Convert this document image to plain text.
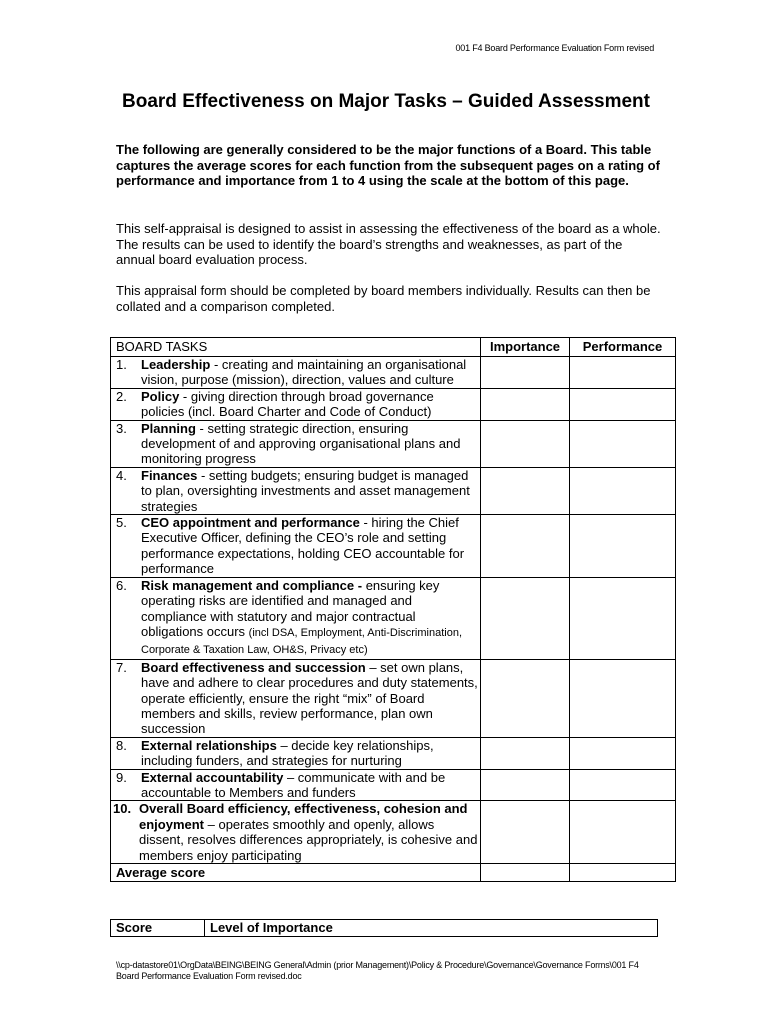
001 F4 Board Performance Evaluation Form revised
Board Effectiveness on Major Tasks – Guided Assessment
The following are generally considered to be the major functions of a Board. This table captures the average scores for each function from the subsequent pages on a rating of performance and importance from 1 to 4 using the scale at the bottom of this page.
This self-appraisal is designed to assist in assessing the effectiveness of the board as a whole. The results can be used to identify the board’s strengths and weaknesses, as part of the annual board evaluation process.
This appraisal form should be completed by board members individually. Results can then be collated and a comparison completed.
BOARD TASKS	Importance	Performance

1. Leadership - creating and maintaining an organisational vision, purpose (mission), direction, values and culture		

2. Policy - giving direction through broad governance policies (incl. Board Charter and Code of Conduct)		

3. Planning - setting strategic direction, ensuring development of and approving organisational plans and monitoring progress		

4. Finances - setting budgets; ensuring budget is managed to plan, oversighting investments and asset management strategies		

5. CEO appointment and performance - hiring the Chief Executive Officer, defining the CEO’s role and setting performance expectations, holding CEO accountable for performance		

6. Risk management and compliance - ensuring key operating risks are identified and managed and compliance with statutory and major contractual obligations occurs (incl DSA, Employment, Anti-Discrimination, Corporate & Taxation Law, OH&S, Privacy etc)		

7. Board effectiveness and succession – set own plans, have and adhere to clear procedures and duty statements, operate efficiently, ensure the right “mix” of Board members and skills, review performance, plan own succession		

8. External relationships – decide key relationships, including funders, and strategies for nurturing		

9. External accountability – communicate with and be accountable to Members and funders		

10. Overall Board efficiency, effectiveness, cohesion and enjoyment – operates smoothly and openly, allows dissent, resolves differences appropriately, is cohesive and members enjoy participating		

Average score		
Score	Level of Importance
\\cp-datastore01\OrgData\BEING\BEING General\Admin (prior Management)\Policy & Procedure\Governance\Governance Forms\001 F4 Board Performance Evaluation Form revised.doc
